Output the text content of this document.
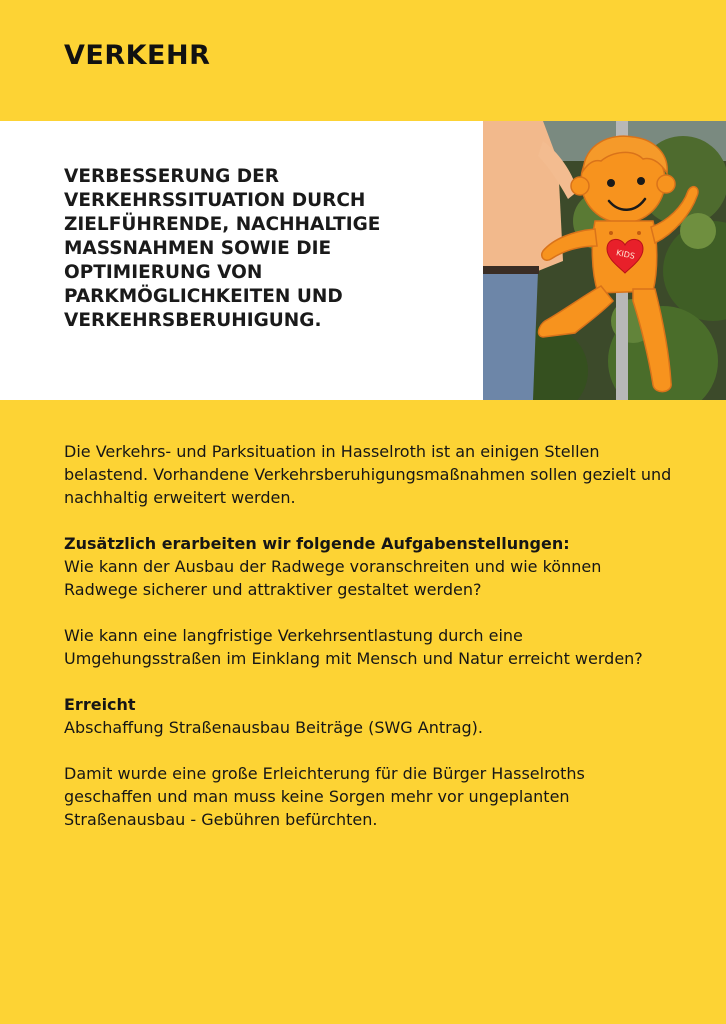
VERKEHR
VERBESSERUNG DER VERKEHRSSITUATION DURCH ZIELFÜHRENDE, NACHHALTIGE MASSNAHMEN SOWIE DIE OPTIMIERUNG VON PARKMÖGLICHKEITEN UND VERKEHRSBERUHIGUNG.
KIDS

Die Verkehrs- und Parksituation in Hasselroth ist an einigen Stellen belastend. Vorhandene Verkehrsberuhigungsmaßnahmen sollen gezielt und nachhaltig erweitert werden.

Zusätzlich erarbeiten wir folgende Aufgabenstellungen:

Wie kann der Ausbau der Radwege voranschreiten und wie können Radwege sicherer und attraktiver gestaltet werden?

Wie kann eine langfristige Verkehrsentlastung durch eine Umgehungsstraßen im Einklang mit Mensch und Natur erreicht werden?

Erreicht

Abschaffung Straßenausbau Beiträge (SWG Antrag).

Damit wurde eine große Erleichterung für die Bürger Hasselroths geschaffen und man muss keine Sorgen mehr vor ungeplanten Straßenausbau - Gebühren befürchten.
